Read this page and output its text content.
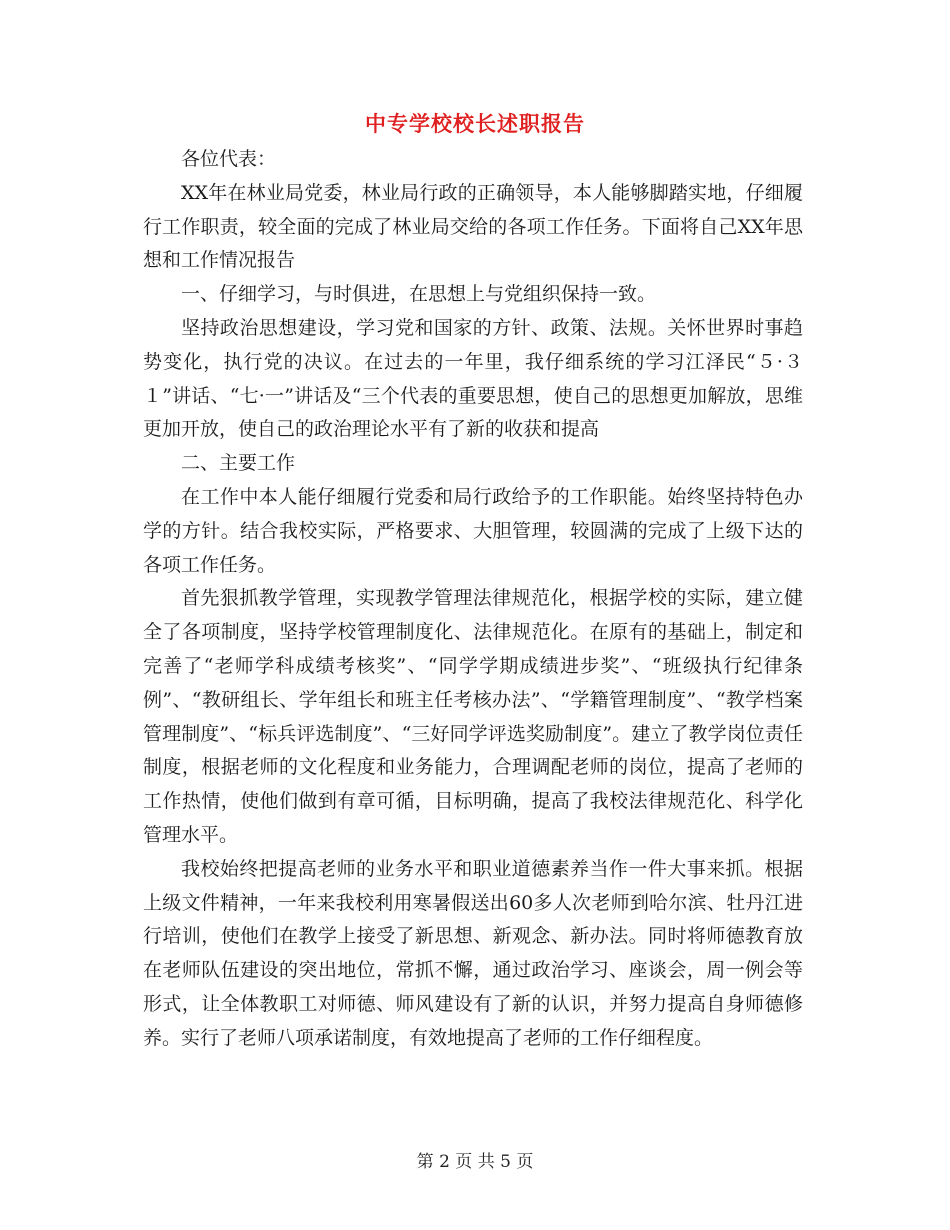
中专学校校长述职报告

各位代表：

XX年在林业局党委，林业局行政的正确领导，本人能够脚踏实地，仔细履行工作职责，较全面的完成了林业局交给的各项工作任务。下面将自己XX年思想和工作情况报告

一、仔细学习，与时俱进，在思想上与党组织保持一致。

坚持政治思想建设，学习党和国家的方针、政策、法规。关怀世界时事趋势变化，执行党的决议。在过去的一年里，我仔细系统的学习江泽民“５·３１”讲话、“七·一”讲话及“三个代表的重要思想，使自己的思想更加解放，思维更加开放，使自己的政治理论水平有了新的收获和提高

二、主要工作

在工作中本人能仔细履行党委和局行政给予的工作职能。始终坚持特色办学的方针。结合我校实际，严格要求、大胆管理，较圆满的完成了上级下达的各项工作任务。

首先狠抓教学管理，实现教学管理法律规范化，根据学校的实际，建立健全了各项制度，坚持学校管理制度化、法律规范化。在原有的基础上，制定和完善了“老师学科成绩考核奖”、“同学学期成绩进步奖”、“班级执行纪律条例”、“教研组长、学年组长和班主任考核办法”、“学籍管理制度”、“教学档案管理制度”、“标兵评选制度”、“三好同学评选奖励制度”。建立了教学岗位责任制度，根据老师的文化程度和业务能力，合理调配老师的岗位，提高了老师的工作热情，使他们做到有章可循，目标明确，提高了我校法律规范化、科学化管理水平。

我校始终把提高老师的业务水平和职业道德素养当作一件大事来抓。根据上级文件精神，一年来我校利用寒暑假送出60多人次老师到哈尔滨、牡丹江进行培训，使他们在教学上接受了新思想、新观念、新办法。同时将师德教育放在老师队伍建设的突出地位，常抓不懈，通过政治学习、座谈会，周一例会等形式，让全体教职工对师德、师风建设有了新的认识，并努力提高自身师德修养。实行了老师八项承诺制度，有效地提高了老师的工作仔细程度。

第 2 页 共 5 页
